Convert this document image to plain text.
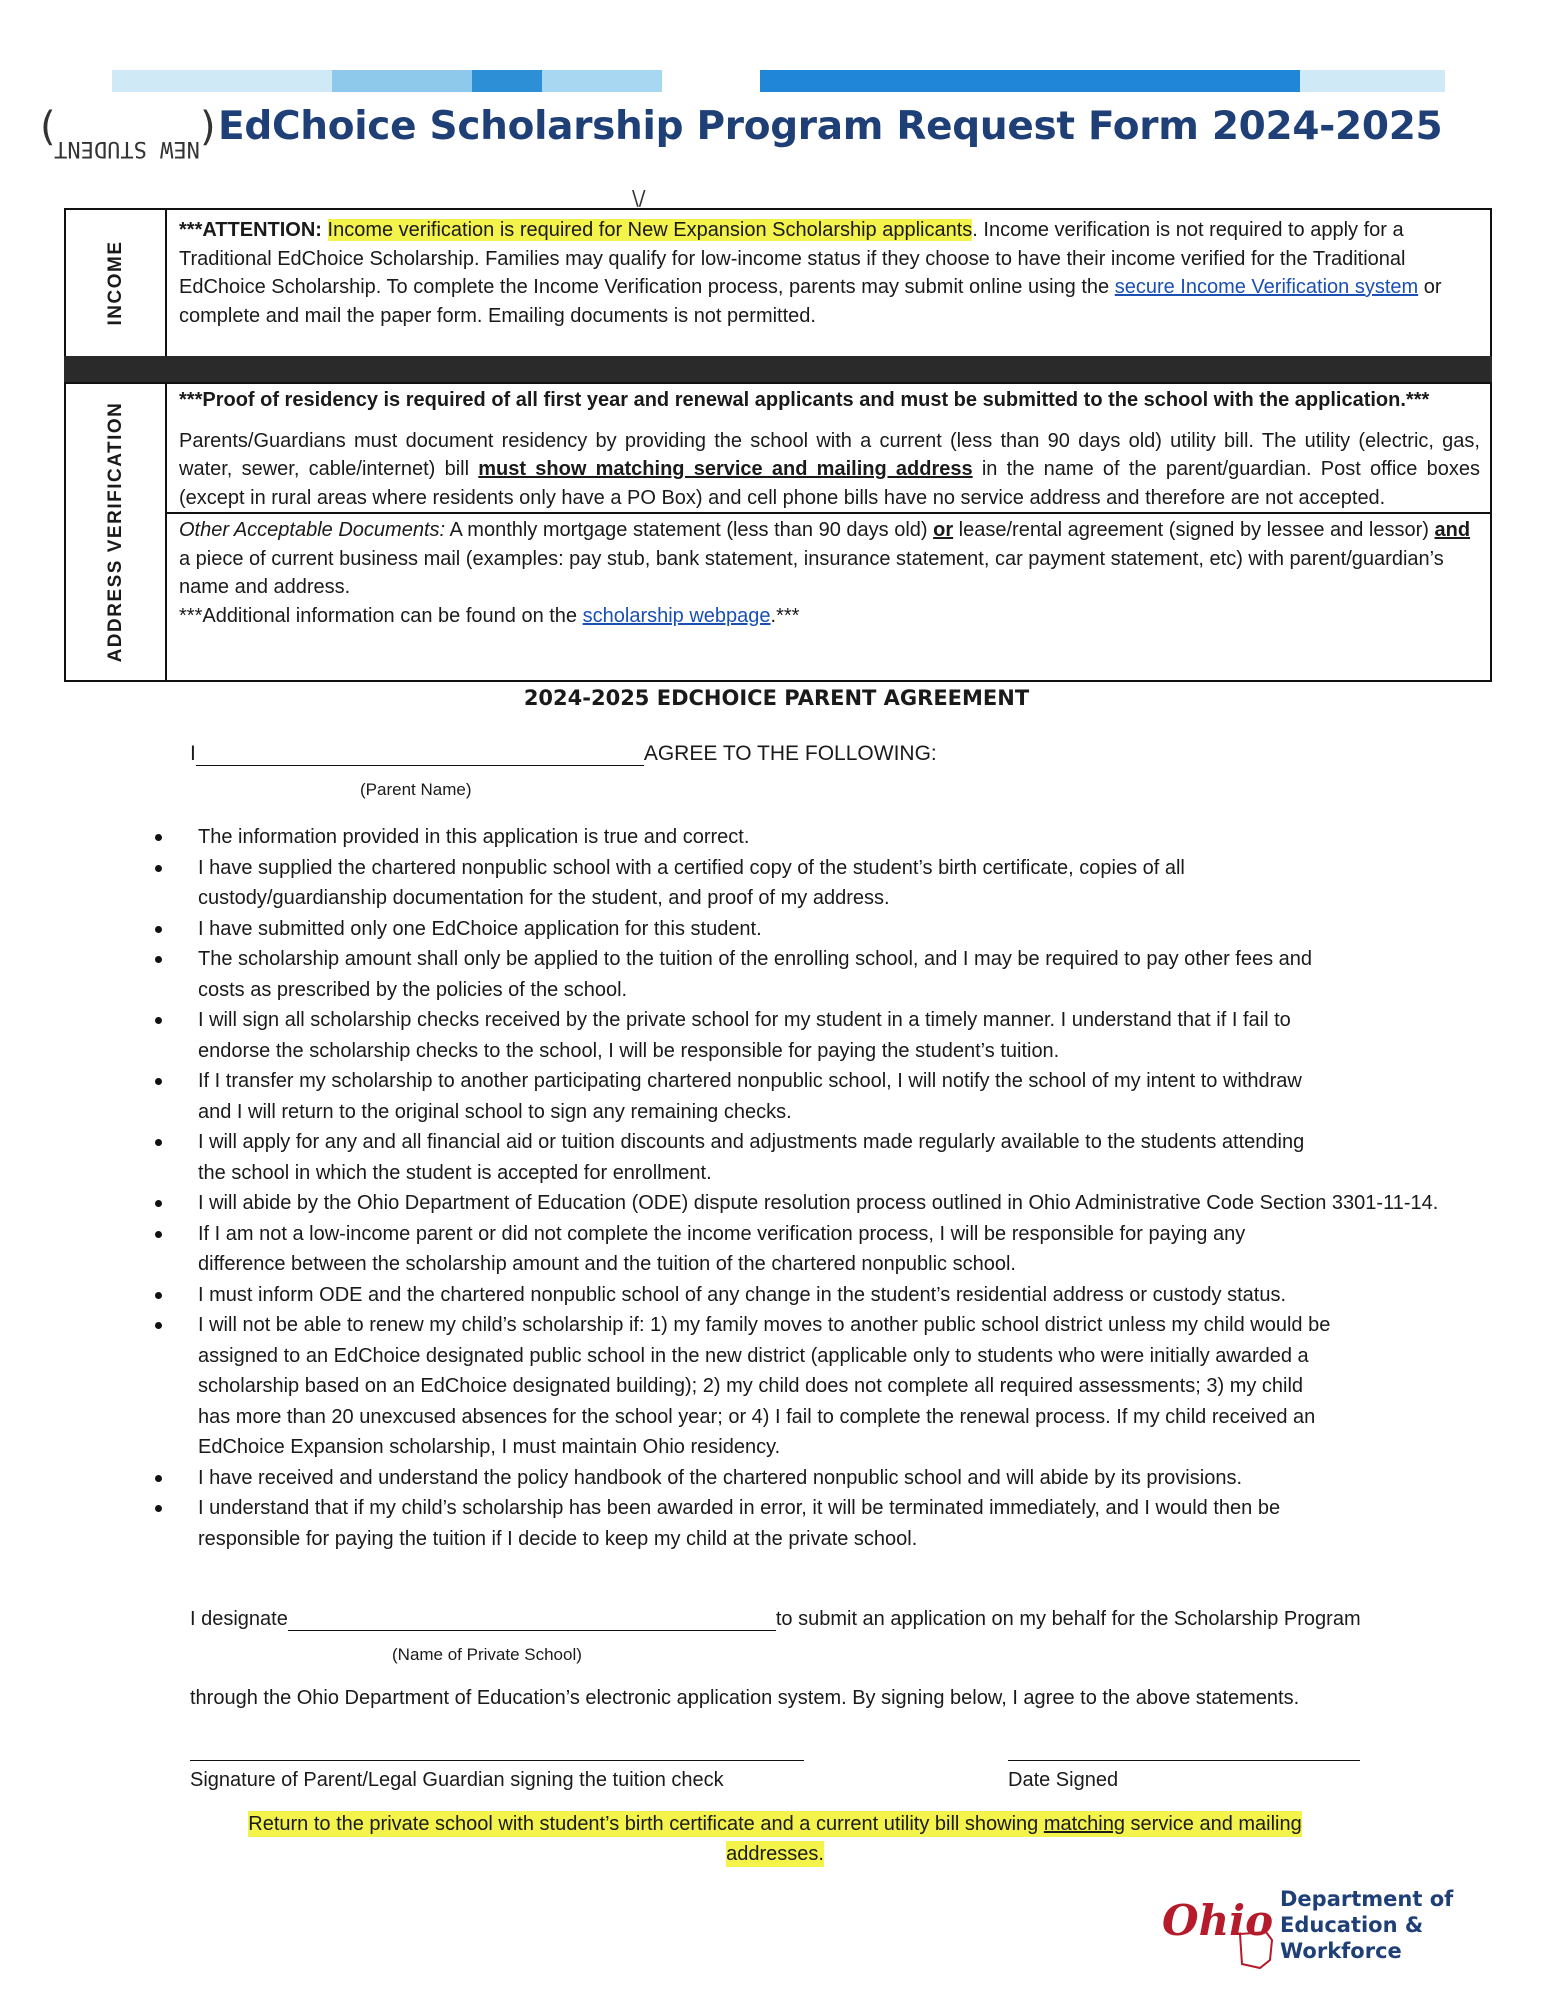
(
NEW STUDENT ) EdChoice Scholarship Program Request Form 2024-2025
\/
INCOME
***ATTENTION: Income verification is required for New Expansion Scholarship applicants. Income verification is not required to apply for a Traditional EdChoice Scholarship. Families may qualify for low-income status if they choose to have their income verified for the Traditional EdChoice Scholarship. To complete the Income Verification process, parents may submit online using the secure Income Verification system or complete and mail the paper form. Emailing documents is not permitted.
ADDRESS VERIFICATION
***Proof of residency is required of all first year and renewal applicants and must be submitted to the school with the application.***
Parents/Guardians must document residency by providing the school with a current (less than 90 days old) utility bill. The utility (electric, gas, water, sewer, cable/internet) bill must show matching service and mailing address in the name of the parent/guardian. Post office boxes (except in rural areas where residents only have a PO Box) and cell phone bills have no service address and therefore are not accepted.
Other Acceptable Documents: A monthly mortgage statement (less than 90 days old) or lease/rental agreement (signed by lessee and lessor) and a piece of current business mail (examples: pay stub, bank statement, insurance statement, car payment statement, etc) with parent/guardian’s name and address.
***Additional information can be found on the scholarship webpage.***
2024-2025 EDCHOICE PARENT AGREEMENT
I	AGREE TO THE FOLLOWING:
(Parent Name)
The information provided in this application is true and correct.
I have supplied the chartered nonpublic school with a certified copy of the student’s birth certificate, copies of all custody/guardianship documentation for the student, and proof of my address.
I have submitted only one EdChoice application for this student.
The scholarship amount shall only be applied to the tuition of the enrolling school, and I may be required to pay other fees and costs as prescribed by the policies of the school.
I will sign all scholarship checks received by the private school for my student in a timely manner. I understand that if I fail to endorse the scholarship checks to the school, I will be responsible for paying the student’s tuition.
If I transfer my scholarship to another participating chartered nonpublic school, I will notify the school of my intent to withdraw and I will return to the original school to sign any remaining checks.
I will apply for any and all financial aid or tuition discounts and adjustments made regularly available to the students attending the school in which the student is accepted for enrollment.
I will abide by the Ohio Department of Education (ODE) dispute resolution process outlined in Ohio Administrative Code Section 3301-11-14.
If I am not a low-income parent or did not complete the income verification process, I will be responsible for paying any difference between the scholarship amount and the tuition of the chartered nonpublic school.
I must inform ODE and the chartered nonpublic school of any change in the student’s residential address or custody status.
I will not be able to renew my child’s scholarship if: 1) my family moves to another public school district unless my child would be assigned to an EdChoice designated public school in the new district (applicable only to students who were initially awarded a scholarship based on an EdChoice designated building); 2) my child does not complete all required assessments; 3) my child has more than 20 unexcused absences for the school year; or 4) I fail to complete the renewal process. If my child received an EdChoice Expansion scholarship, I must maintain Ohio residency.
I have received and understand the policy handbook of the chartered nonpublic school and will abide by its provisions.
I understand that if my child’s scholarship has been awarded in error, it will be terminated immediately, and I would then be responsible for paying the tuition if I decide to keep my child at the private school.
I designate	to submit an application on my behalf for the Scholarship Program
(Name of Private School)
through the Ohio Department of Education’s electronic application system. By signing below, I agree to the above statements.
Signature of Parent/Legal Guardian signing the tuition check	Date Signed
Return to the private school with student’s birth certificate and a current utility bill showing matching service and mailing addresses.
Ohio Department of
Education &
Workforce
